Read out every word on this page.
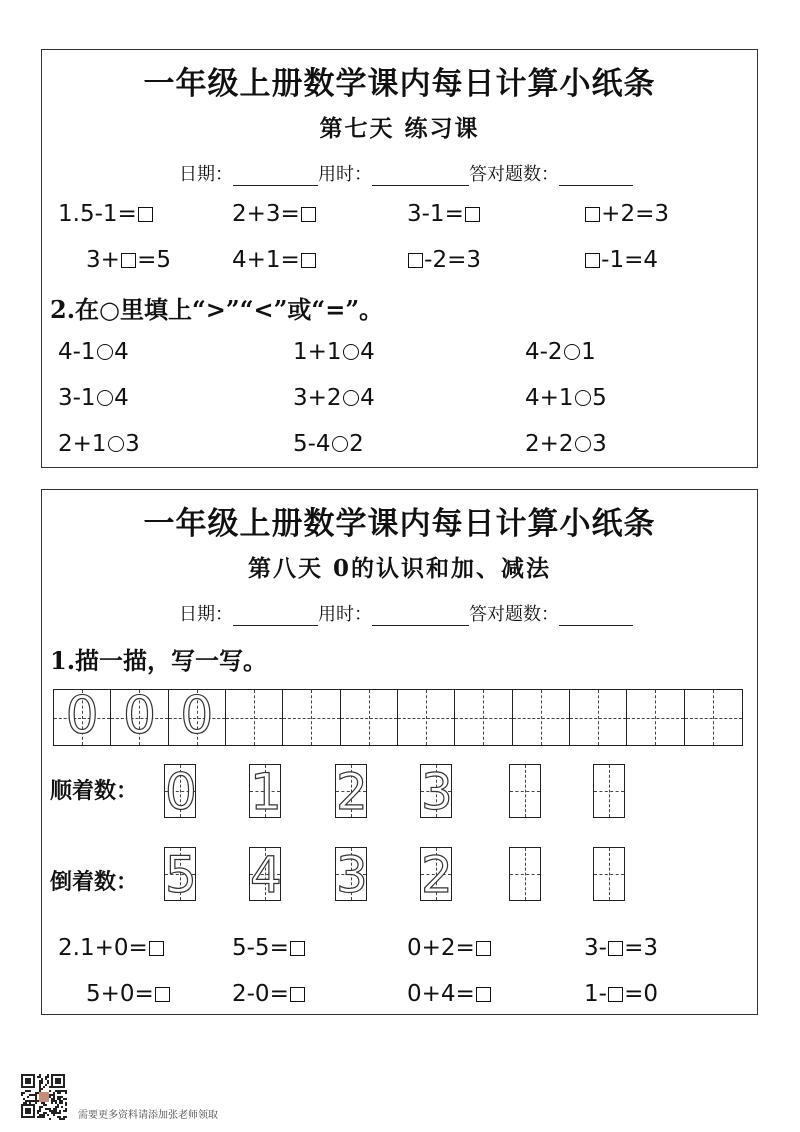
一年级上册数学课内每日计算小纸条
第七天 练习课
日期：	用时：	答对题数：
1.5-1=	2+3=	3-1=	+2=3
3+ =5	4+1=	-2=3	-1=4
2.在○里填上“>”“<”或“=”。
4-1 4	1+1 4	4-2 1
3-1 4	3+2 4	4+1 5
2+1 3	5-4 2	2+2 3
一年级上册数学课内每日计算小纸条
第八天 0的认识和加、减法
日期：	用时：	答对题数：
1.描一描，写一写。
0 0 0
顺着数： 0 1 2 3
倒着数： 5 4 3 2
2.1+0=	5-5=	0+2=	3- =3
5+0=	2-0=	0+4=	1- =0
需要更多资料请添加张老师领取
